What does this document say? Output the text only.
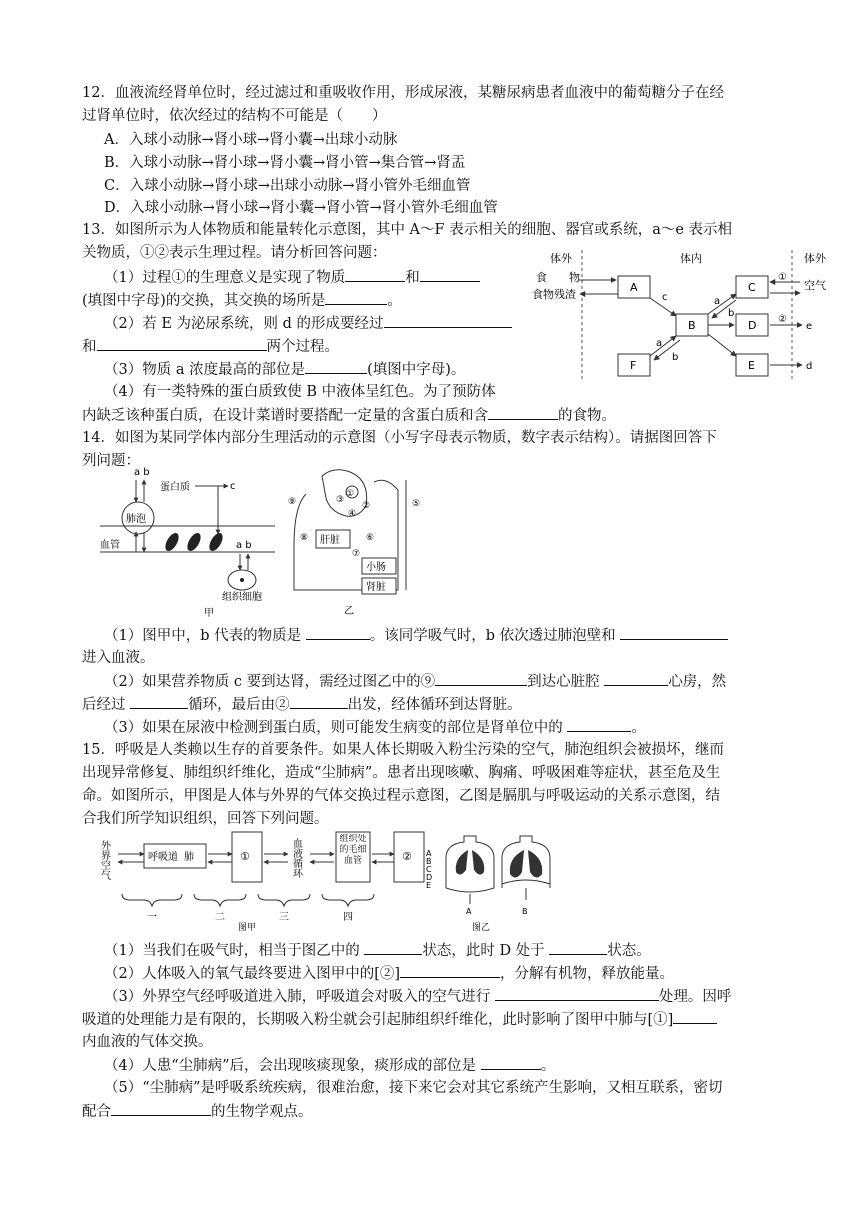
12．血液流经肾单位时，经过滤过和重吸收作用，形成尿液，某糖尿病患者血液中的葡萄糖分子在经
过肾单位时，依次经过的结构不可能是（　　）
A．入球小动脉→肾小球→肾小囊→出球小动脉
B．入球小动脉→肾小球→肾小囊→肾小管→集合管→肾盂
C．入球小动脉→肾小球→出球小动脉→肾小管外毛细血管
D．入球小动脉→肾小球→肾小囊→肾小管→肾小管外毛细血管
13．如图所示为人体物质和能量转化示意图，其中 A～F 表示相关的细胞、器官或系统，a～e 表示相
关物质，①②表示生理过程。请分析回答问题：
（1）过程①的生理意义是实现了物质	和
(填图中字母)的交换，其交换的场所是	。
（2）若 E 为泌尿系统，则 d 的形成要经过
和	两个过程。
（3）物质 a 浓度最高的部位是	(填图中字母)。
（4）有一类特殊的蛋白质致使 B 中液体呈红色。为了预防体
内缺乏该种蛋白质，在设计菜谱时要搭配一定量的含蛋白质和含	的食物。
体外	体内	体外
食　　物
食物残渣
空气
A	C
①
B	D	e
②
F	E	d
c	a
b
a
b
14．如图为某同学体内部分生理活动的示意图（小写字母表示物质，数字表示结构）。请据图回答下
列问题：
a b
蛋白质	c
肺泡
血管	a b
组织细胞
甲
①
②
③
④
⑤
⑥
⑦
⑧
⑨
肝脏
小肠
肾脏
乙
（1）图甲中，b 代表的物质是	。该同学吸气时，b 依次透过肺泡壁和
进入血液。
（2）如果营养物质 c 要到达肾，需经过图乙中的⑨	到达心脏腔	心房，然
后经过	循环，最后由②	出发，经体循环到达肾脏。
（3）如果在尿液中检测到蛋白质，则可能发生病变的部位是肾单位中的	。
15．呼吸是人类赖以生存的首要条件。如果人体长期吸入粉尘污染的空气，肺泡组织会被损坏，继而
出现异常修复、肺组织纤维化，造成“尘肺病”。患者出现咳嗽、胸痛、呼吸困难等症状，甚至危及生
命。如图所示，甲图是人体与外界的气体交换过程示意图，乙图是膈肌与呼吸运动的关系示意图，结
合我们所学知识组织，回答下列问题。
外界空气	呼吸道 肺	①	血液循环	组织处的毛细血管	②
一	二	三	四
图甲
A
B
C
D
E
A	B
图乙
（1）当我们在吸气时，相当于图乙中的	状态，此时 D 处于	状态。
（2）人体吸入的氧气最终要进入图甲中的[②]	，分解有机物，释放能量。
（3）外界空气经呼吸道进入肺，呼吸道会对吸入的空气进行	处理。因呼
吸道的处理能力是有限的，长期吸入粉尘就会引起肺组织纤维化，此时影响了图甲中肺与[①]
内血液的气体交换。
（4）人患“尘肺病”后，会出现咳痰现象，痰形成的部位是	。
（5）“尘肺病”是呼吸系统疾病，很难治愈，接下来它会对其它系统产生影响，又相互联系，密切
配合	的生物学观点。
